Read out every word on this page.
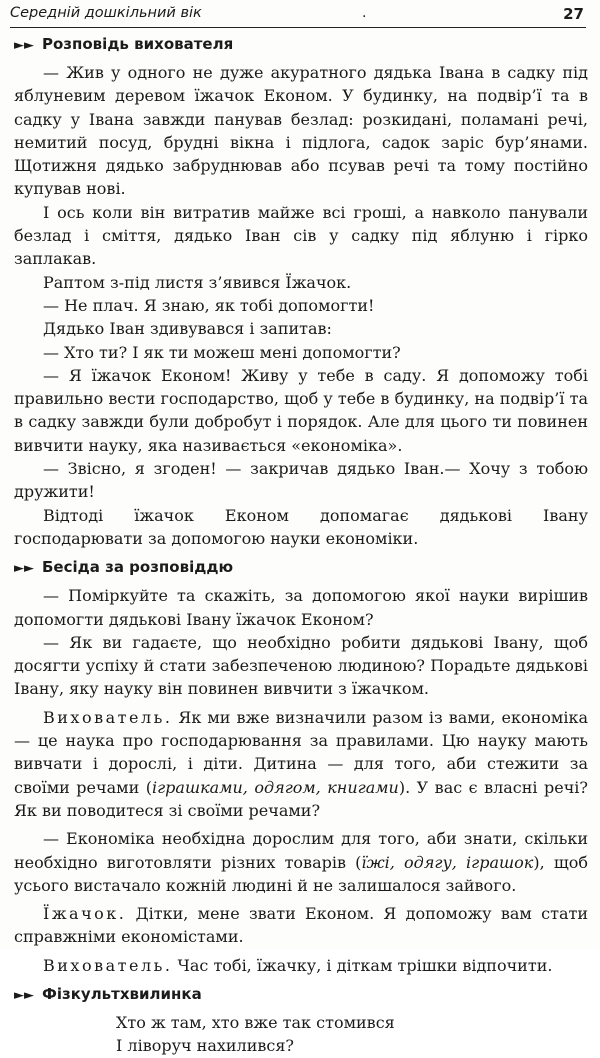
Середній дошкільний вік	.	27
►► Розповідь вихователя

— Жив у одного не дуже акуратного дядька Івана в садку під яблуневим деревом їжачок Економ. У будинку, на подвір’ї та в садку у Івана завжди панував безлад: розкидані, поламані речі, немитий посуд, брудні вікна і підлога, садок заріс бур’янами. Щотижня дядько забруднював або псував речі та тому постійно купував нові.

І ось коли він витратив майже всі гроші, а навколо панували безлад і сміття, дядько Іван сів у садку під яблуню і гірко заплакав.

Раптом з-під листя з’явився Їжачок.

— Не плач. Я знаю, як тобі допомогти!

Дядько Іван здивувався і запитав:

— Хто ти? І як ти можеш мені допомогти?

— Я їжачок Економ! Живу у тебе в саду. Я допоможу тобі правильно вести господарство, щоб у тебе в будинку, на подвір’ї та в садку завжди були добробут і порядок. Але для цього ти повинен вивчити науку, яка називається «економіка».

— Звісно, я згоден! — закричав дядько Іван.— Хочу з тобою дружити!

Відтоді їжачок Економ допомагає дядькові Івану господарювати за допомогою науки економіки.

►► Бесіда за розповіддю

— Поміркуйте та скажіть, за допомогою якої науки вирішив допомогти дядькові Івану їжачок Економ?

— Як ви гадаєте, що необхідно робити дядькові Івану, щоб досягти успіху й стати забезпеченою людиною? Порадьте дядькові Івану, яку науку він повинен вивчити з їжачком.

Вихователь. Як ми вже визначили разом із вами, економіка — це наука про господарювання за правилами. Цю науку мають вивчати і дорослі, і діти. Дитина — для того, аби стежити за своїми речами (іграшками, одягом, книгами). У вас є власні речі? Як ви поводитеся зі своїми речами?

— Економіка необхідна дорослим для того, аби знати, скільки необхідно виготовляти різних товарів (їжі, одягу, іграшок), щоб усього вистачало кожній людині й не залишалося зайвого.

Їжачок. Дітки, мене звати Економ. Я допоможу вам стати справжніми економістами.

Вихователь. Час тобі, їжачку, і діткам трішки відпочити.

►► Фізкультхвилинка
Хто ж там, хто вже так стомився
І ліворуч нахилився?
